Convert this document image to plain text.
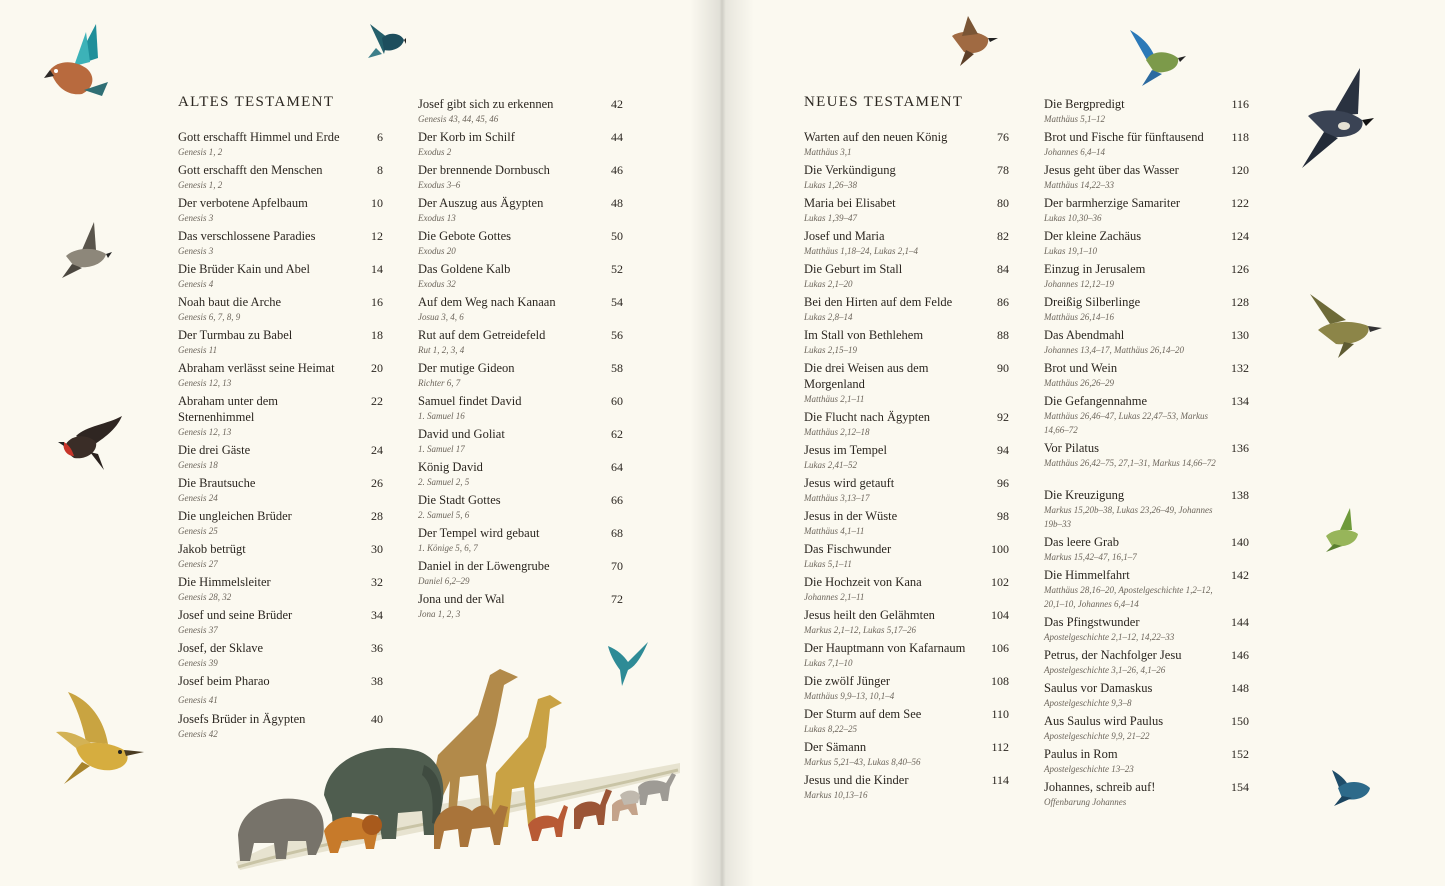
ALTES TESTAMENT
Gott erschafft Himmel und Erde
Genesis 1, 2
6
Gott erschafft den Menschen
Genesis 1, 2
8
Der verbotene Apfelbaum
Genesis 3
10
Das verschlossene Paradies
Genesis 3
12
Die Brüder Kain und Abel
Genesis 4
14
Noah baut die Arche
Genesis 6, 7, 8, 9
16
Der Turmbau zu Babel
Genesis 11
18
Abraham verlässt seine Heimat
Genesis 12, 13
20
Abraham unter dem Sternenhimmel
Genesis 12, 13
22
Die drei Gäste
Genesis 18
24
Die Brautsuche
Genesis 24
26
Die ungleichen Brüder
Genesis 25
28
Jakob betrügt
Genesis 27
30
Die Himmelsleiter
Genesis 28, 32
32
Josef und seine Brüder
Genesis 37
34
Josef, der Sklave
Genesis 39
36
Josef beim Pharao
Genesis 41
38
Josefs Brüder in Ägypten
Genesis 42
40
Josef gibt sich zu erkennen
Genesis 43, 44, 45, 46
42
Der Korb im Schilf
Exodus 2
44
Der brennende Dornbusch
Exodus 3–6
46
Der Auszug aus Ägypten
Exodus 13
48
Die Gebote Gottes
Exodus 20
50
Das Goldene Kalb
Exodus 32
52
Auf dem Weg nach Kanaan
Josua 3, 4, 6
54
Rut auf dem Getreidefeld
Rut 1, 2, 3, 4
56
Der mutige Gideon
Richter 6, 7
58
Samuel findet David
1. Samuel 16
60
David und Goliat
1. Samuel 17
62
König David
2. Samuel 2, 5
64
Die Stadt Gottes
2. Samuel 5, 6
66
Der Tempel wird gebaut
1. Könige 5, 6, 7
68
Daniel in der Löwengrube
Daniel 6,2–29
70
Jona und der Wal
Jona 1, 2, 3
72
NEUES TESTAMENT
Warten auf den neuen König
Matthäus 3,1
76
Die Verkündigung
Lukas 1,26–38
78
Maria bei Elisabet
Lukas 1,39–47
80
Josef und Maria
Matthäus 1,18–24, Lukas 2,1–4
82
Die Geburt im Stall
Lukas 2,1–20
84
Bei den Hirten auf dem Felde
Lukas 2,8–14
86
Im Stall von Bethlehem
Lukas 2,15–19
88
Die drei Weisen aus dem Morgenland
Matthäus 2,1–11
90
Die Flucht nach Ägypten
Matthäus 2,12–18
92
Jesus im Tempel
Lukas 2,41–52
94
Jesus wird getauft
Matthäus 3,13–17
96
Jesus in der Wüste
Matthäus 4,1–11
98
Das Fischwunder
Lukas 5,1–11
100
Die Hochzeit von Kana
Johannes 2,1–11
102
Jesus heilt den Gelähmten
Markus 2,1–12, Lukas 5,17–26
104
Der Hauptmann von Kafarnaum
Lukas 7,1–10
106
Die zwölf Jünger
Matthäus 9,9–13, 10,1–4
108
Der Sturm auf dem See
Lukas 8,22–25
110
Der Sämann
Markus 5,21–43, Lukas 8,40–56
112
Jesus und die Kinder
Markus 10,13–16
114
Die Bergpredigt
Matthäus 5,1–12
116
Brot und Fische für fünftausend
Johannes 6,4–14
118
Jesus geht über das Wasser
Matthäus 14,22–33
120
Der barmherzige Samariter
Lukas 10,30–36
122
Der kleine Zachäus
Lukas 19,1–10
124
Einzug in Jerusalem
Johannes 12,12–19
126
Dreißig Silberlinge
Matthäus 26,14–16
128
Das Abendmahl
Johannes 13,4–17, Matthäus 26,14–20
130
Brot und Wein
Matthäus 26,26–29
132
Die Gefangennahme
Matthäus 26,46–47, Lukas 22,47–53, Markus 14,66–72
134
Vor Pilatus
Matthäus 26,42–75, 27,1–31, Markus 14,66–72
136
Die Kreuzigung
Markus 15,20b–38, Lukas 23,26–49, Johannes 19b–33
138
Das leere Grab
Markus 15,42–47, 16,1–7
140
Die Himmelfahrt
Matthäus 28,16–20, Apostelgeschichte 1,2–12, 20,1–10, Johannes 6,4–14
142
Das Pfingstwunder
Apostelgeschichte 2,1–12, 14,22–33
144
Petrus, der Nachfolger Jesu
Apostelgeschichte 3,1–26, 4,1–26
146
Saulus vor Damaskus
Apostelgeschichte 9,3–8
148
Aus Saulus wird Paulus
Apostelgeschichte 9,9, 21–22
150
Paulus in Rom
Apostelgeschichte 13–23
152
Johannes, schreib auf!
Offenbarung Johannes
154
